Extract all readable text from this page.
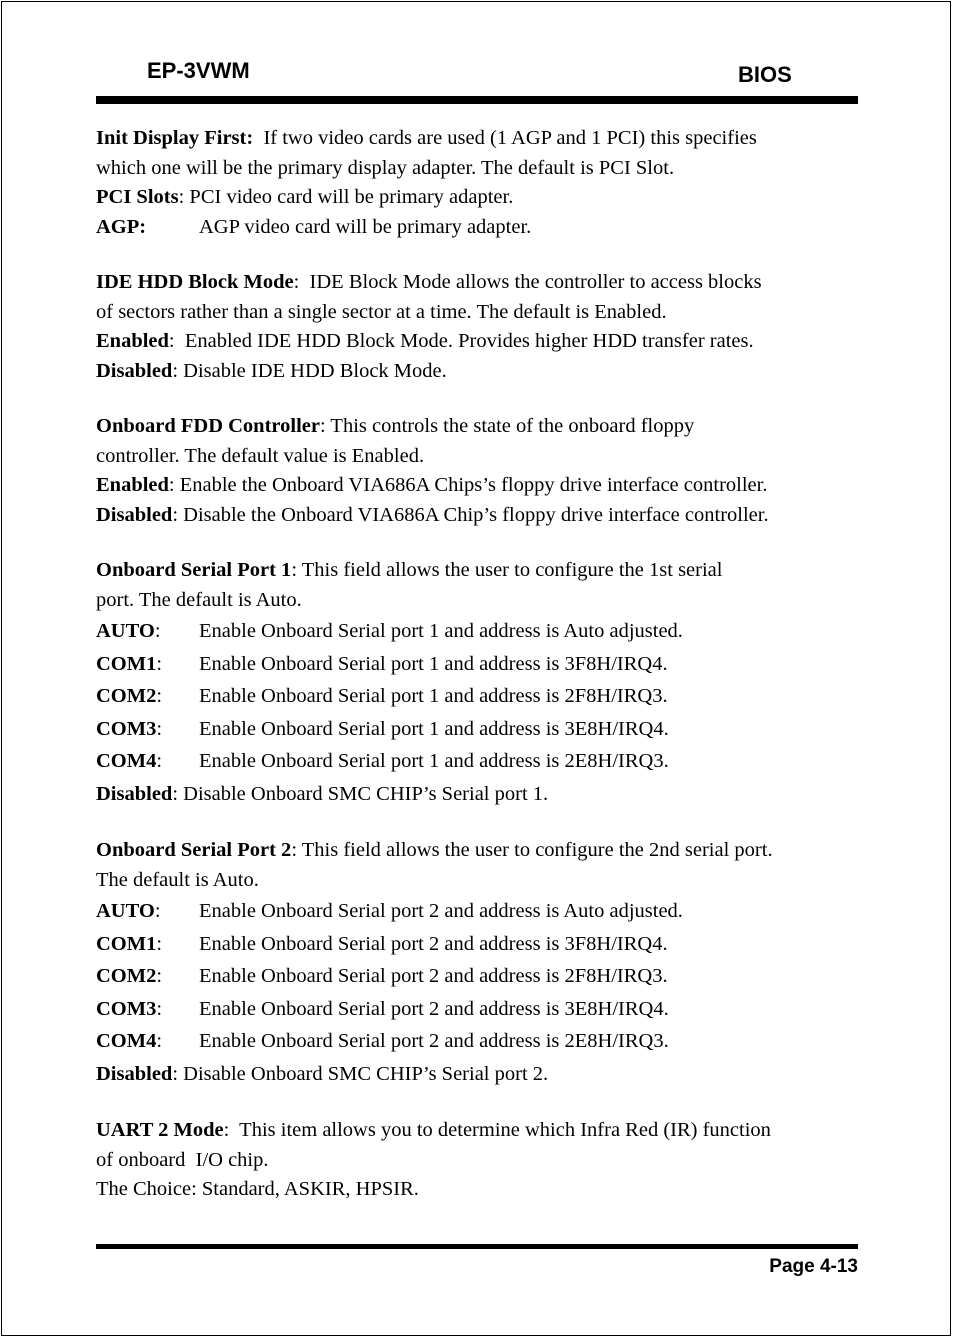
EP-3VWM	BIOS

Init Display First:  If two video cards are used (1 AGP and 1 PCI) this specifies

which one will be the primary display adapter. The default is PCI Slot.

PCI Slots: PCI video card will be primary adapter.

AGP:	AGP video card will be primary adapter.

IDE HDD Block Mode:  IDE Block Mode allows the controller to access blocks

of sectors rather than a single sector at a time. The default is Enabled.

Enabled:  Enabled IDE HDD Block Mode. Provides higher HDD transfer rates.

Disabled: Disable IDE HDD Block Mode.

Onboard FDD Controller: This controls the state of the onboard floppy

controller. The default value is Enabled.

Enabled: Enable the Onboard VIA686A Chips’s floppy drive interface controller.

Disabled: Disable the Onboard VIA686A Chip’s floppy drive interface controller.

Onboard Serial Port 1: This field allows the user to configure the 1st serial

port. The default is Auto.

AUTO:	Enable Onboard Serial port 1 and address is Auto adjusted.
COM1:	Enable Onboard Serial port 1 and address is 3F8H/IRQ4.
COM2:	Enable Onboard Serial port 1 and address is 2F8H/IRQ3.
COM3:	Enable Onboard Serial port 1 and address is 3E8H/IRQ4.
COM4:	Enable Onboard Serial port 1 and address is 2E8H/IRQ3.

Disabled: Disable Onboard SMC CHIP’s Serial port 1.

Onboard Serial Port 2: This field allows the user to configure the 2nd serial port.

The default is Auto.

AUTO:	Enable Onboard Serial port 2 and address is Auto adjusted.
COM1:	Enable Onboard Serial port 2 and address is 3F8H/IRQ4.
COM2:	Enable Onboard Serial port 2 and address is 2F8H/IRQ3.
COM3:	Enable Onboard Serial port 2 and address is 3E8H/IRQ4.
COM4:	Enable Onboard Serial port 2 and address is 2E8H/IRQ3.

Disabled: Disable Onboard SMC CHIP’s Serial port 2.

UART 2 Mode:  This item allows you to determine which Infra Red (IR) function

of onboard  I/O chip.

The Choice: Standard, ASKIR, HPSIR.

Page 4-13
